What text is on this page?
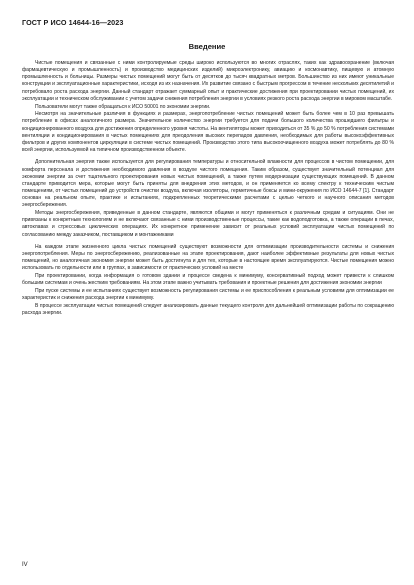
ГОСТ Р ИСО 14644-16—2023
Введение

Чистые помещения и связанные с ними контролируемые среды широко используются во многих отраслях, таких как здравоохранение (включая фармацевтическую и промышленность) и производство медицинских изделий) микроэлектронику, авиацию и космонавтику, пищевую и атомную промышленность и больницы. Размеры чистых помещений могут быть от десятков до тысяч квадратных метров. Большинство из них имеют уникальные конструкции и эксплуатационные характеристики, исходя из их назначения. Их развитие связано с быстрым прогрессом в течение нескольких десятилетий и потребовало роста расхода энергии. Данный стандарт отражает суммарный опыт и практические достижения при проектировании чистых помещений, их эксплуатации и техническом обслуживании с учетом задачи снижения потребления энергии в условиях резкого роста расхода энергии в мировом масштабе.

Пользователи могут также обращаться к ИСО 50001 по экономии энергии.

Несмотря на значительные различия в функциях и размерах, энергопотребление чистых помещений может быть более чем в 10 раз превышать потребление в офисах аналогичного размера. Значительное количество энергии требуется для подачи большого количества прошедшего фильтры и кондиционированного воздуха для достижения определенного уровня чистоты. На вентиляторы может приходиться от 35 % до 50 % потребления системами вентиляции и кондиционирования в чистых помещениях для преодоления высоких перепадов давления, необходимых для работы высокоэффективных фильтров и других компонентов циркуляции в системе чистых помещений. Производство этого типа высокоочищенного воздуха может потреблять до 80 % всей энергии, используемой на типичном производственном объекте.

Дополнительная энергия также используется для регулирования температуры и относительной влажности для процессов в чистом помещении, для комфорта персонала и достижения необходимого давления в воздухе чистого помещения. Таким образом, существует значительный потенциал для экономии энергии за счет тщательного проектирования новых чистых помещений, а также путем модернизации существующих помещений. В данном стандарте приводится мера, которые могут быть приняты для внедрения этих методов, и он применяется ко всему спектру к техническим чистым помещениям, от чистых помещений до устройств очистки воздуха, включая изоляторы, герметичные боксы и мини-окружения по ИСО 14644-7 [1]. Стандарт основан на реальном опыте, практике и испытаниях, подкрепленных теоретическими расчетами с целью четкого и научного описания методов энергосбережения.

Методы энергосбережения, приведенные в данном стандарте, являются общими и могут применяться к различным средам и ситуациям. Они не привязаны к конкретным технологиям и не включают связанные с ними производственные процессы, такие как водоподготовка, а также операции в печах, автоклавах и стрессовых циклических операциях. Их конкретное применение зависит от реальных условий эксплуатации чистых помещений по согласованию между заказчиком, поставщиком и монтажниками

На каждом этапе жизненного цикла чистых помещений существуют возможности для оптимизации производительности системы и снижения энергопотребления. Меры по энергосбережению, реализованные на этапе проектирования, дают наиболее эффективные результаты для новых чистых помещений, но аналогичная экономия энергии может быть достигнута и для тех, которые в настоящее время эксплуатируются. Чистые помещения можно использовать по отдельности или в группах, в зависимости от практических условий на месте

При проектировании, когда информация о готовом здании и процессе сведена к минимуму, консервативный подход может привести к слишком большим системам и очень жестким требованиям. На этом этапе важно учитывать требования и проектные решения для достижения экономии энергии

При пуске системы и ее испытаниях существует возможность регулирования системы и ее приспособления к реальным условиям для оптимизации ее характеристик и снижения расхода энергии к минимуму.

В процессе эксплуатации чистых помещений следует анализировать данные текущего контроля для дальнейшей оптимизации работы по сокращению расхода энергии.

IV
